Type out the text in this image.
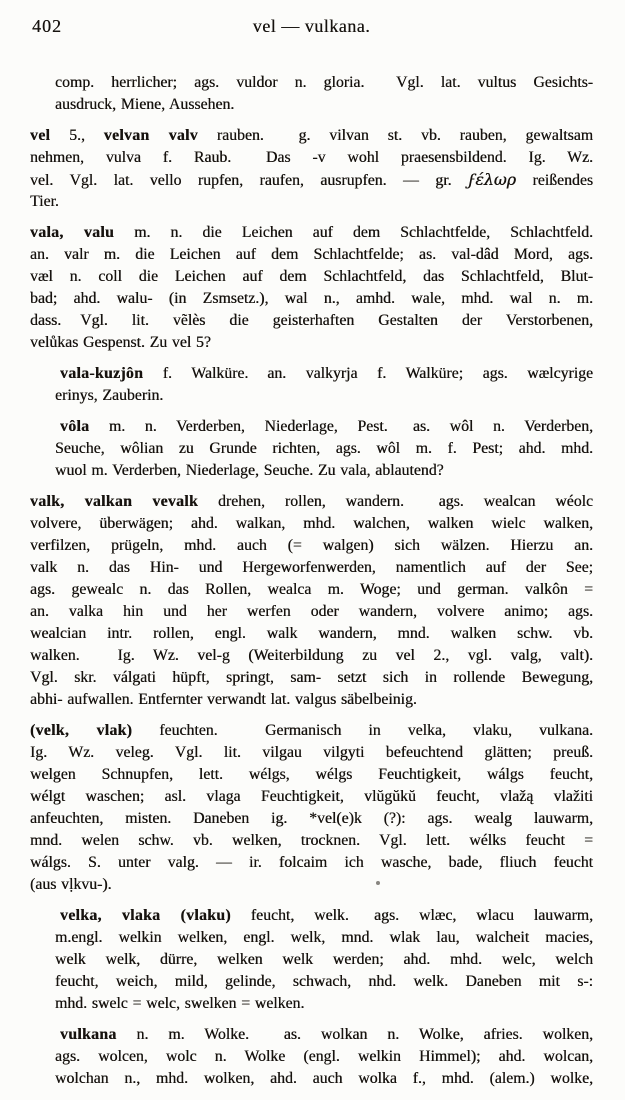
402	vel — vulkana.
comp. herrlicher; ags. vuldor n. gloria. Vgl. lat. vultus Gesichts-
ausdruck, Miene, Aussehen.
vel 5., velvan valv rauben. g. vilvan st. vb. rauben, gewaltsam
nehmen, vulva f. Raub. Das -v wohl praesensbildend. Ig. Wz.
vel. Vgl. lat. vello rupfen, raufen, ausrupfen. — gr. ϝέλωρ reißendes
Tier.
vala, valu m. n. die Leichen auf dem Schlachtfelde, Schlachtfeld.
an. valr m. die Leichen auf dem Schlachtfelde; as. val-dâd Mord, ags.
væl n. coll die Leichen auf dem Schlachtfeld, das Schlachtfeld, Blut-
bad; ahd. walu- (in Zsmsetz.), wal n., amhd. wale, mhd. wal n. m.
dass. Vgl. lit. vẽlès die geisterhaften Gestalten der Verstorbenen,
velůkas Gespenst. Zu vel 5?
vala-kuzjôn f. Walküre. an. valkyrja f. Walküre; ags. wælcyrige
erinys, Zauberin.
vôla m. n. Verderben, Niederlage, Pest. as. wôl n. Verderben,
Seuche, wôlian zu Grunde richten, ags. wôl m. f. Pest; ahd. mhd.
wuol m. Verderben, Niederlage, Seuche. Zu vala, ablautend?
valk, valkan vevalk drehen, rollen, wandern. ags. wealcan wéolc
volvere, überwägen; ahd. walkan, mhd. walchen, walken wielc walken,
verfilzen, prügeln, mhd. auch (= walgen) sich wälzen. Hierzu an.
valk n. das Hin- und Hergeworfenwerden, namentlich auf der See;
ags. gewealc n. das Rollen, wealca m. Woge; und german. valkôn =
an. valka hin und her werfen oder wandern, volvere animo; ags.
wealcian intr. rollen, engl. walk wandern, mnd. walken schw. vb.
walken. Ig. Wz. vel-g (Weiterbildung zu vel 2., vgl. valg, valt).
Vgl. skr. válgati hüpft, springt, sam- setzt sich in rollende Bewegung,
abhi- aufwallen. Entfernter verwandt lat. valgus säbelbeinig.
(velk, vlak) feuchten.	Germanisch in velka, vlaku, vulkana.
Ig. Wz. veleg. Vgl. lit. vilgau vilgyti befeuchtend glätten; preuß.
welgen Schnupfen, lett. wélgs, wélgs Feuchtigkeit, wálgs feucht,
wélgt waschen; asl. vlaga Feuchtigkeit, vlŭgŭkŭ feucht, vlažą vlažiti
anfeuchten, misten. Daneben ig. *vel(e)k (?): ags. wealg lauwarm,
mnd. welen schw. vb. welken, trocknen. Vgl. lett. wélks feucht =
wálgs. S. unter valg. — ir. folcaim ich wasche, bade, fliuch feucht
(aus vḷkvu-).
velka, vlaka (vlaku) feucht, welk. ags. wlæc, wlacu lauwarm,
m.engl. welkin welken, engl. welk, mnd. wlak lau, walcheit macies,
welk welk, dürre, welken welk werden; ahd. mhd. welc, welch
feucht, weich, mild, gelinde, schwach, nhd. welk. Daneben mit s-:
mhd. swelc = welc, swelken = welken.
vulkana n. m. Wolke. as. wolkan n. Wolke, afries. wolken,
ags. wolcen, wolc n. Wolke (engl. welkin Himmel); ahd. wolcan,
wolchan n., mhd. wolken, ahd. auch wolka f., mhd. (alem.) wolke,
